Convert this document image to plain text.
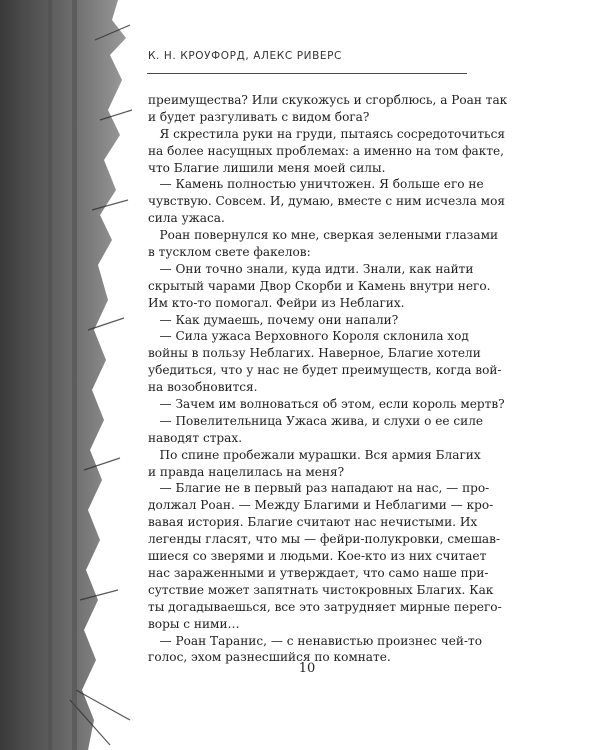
К. Н. КРОУФОРД, АЛЕКС РИВЕРС
преимущества? Или скукожусь и сгорблюсь, а Роан так
и будет разгуливать с видом бога?
Я скрестила руки на груди, пытаясь сосредоточиться
на более насущных проблемах: а именно на том факте,
что Благие лишили меня моей силы.
— Камень полностью уничтожен. Я больше его не
чувствую. Совсем. И, думаю, вместе с ним исчезла моя
сила ужаса.
Роан повернулся ко мне, сверкая зелеными глазами
в тусклом свете факелов:
— Они точно знали, куда идти. Знали, как найти
скрытый чарами Двор Скорби и Камень внутри него.
Им кто-то помогал. Фейри из Неблагих.
— Как думаешь, почему они напали?
— Сила ужаса Верховного Короля склонила ход
войны в пользу Неблагих. Наверное, Благие хотели
убедиться, что у нас не будет преимуществ, когда вой-
на возобновится.
— Зачем им волноваться об этом, если король мертв?
— Повелительница Ужаса жива, и слухи о ее силе
наводят страх.
По спине пробежали мурашки. Вся армия Благих
и правда нацелилась на меня?
— Благие не в первый раз нападают на нас, — про-
должал Роан. — Между Благими и Неблагими — кро-
вавая история. Благие считают нас нечистыми. Их
легенды гласят, что мы — фейри-полукровки, смешав-
шиеся со зверями и людьми. Кое-кто из них считает
нас зараженными и утверждает, что само наше при-
сутствие может запятнать чистокровных Благих. Как
ты догадываешься, все это затрудняет мирные перего-
воры с ними…
— Роан Таранис, — с ненавистью произнес чей-то
голос, эхом разнесшийся по комнате.
10
